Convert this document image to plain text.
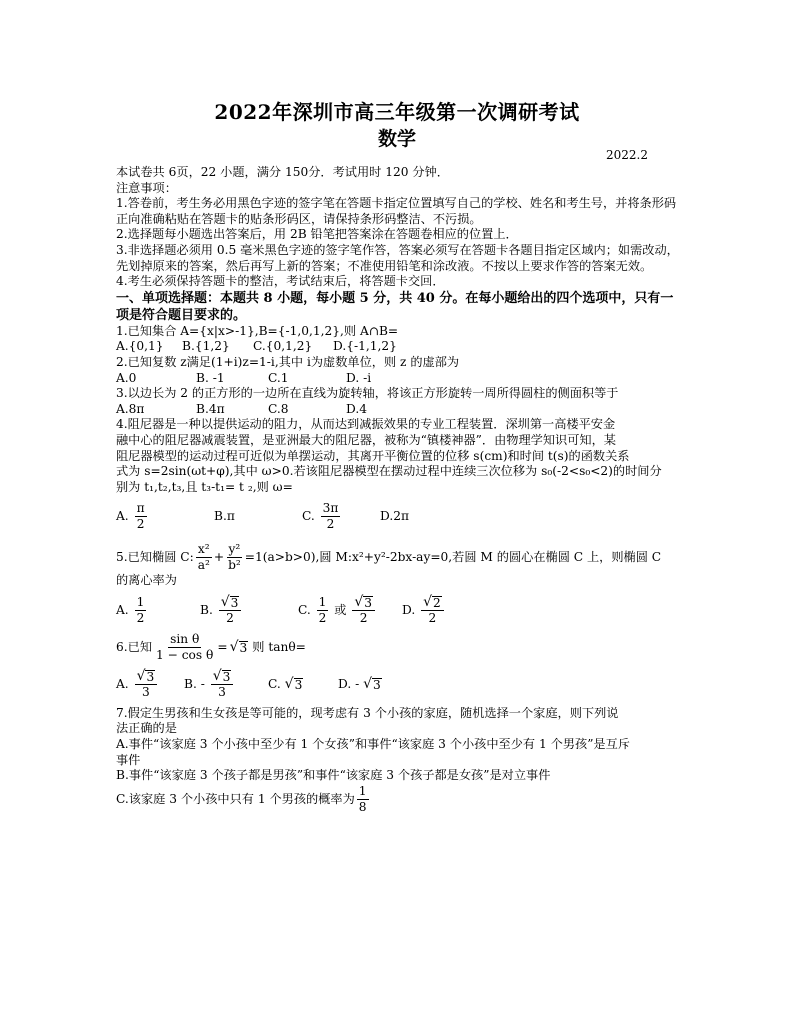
2022年深圳市高三年级第一次调研考试
数学
2022.2

本试卷共 6页，22 小题，满分 150分．考试用时 120 分钟．

注意事项：

1.答卷前，考生务必用黑色字迹的签字笔在答题卡指定位置填写自己的学校、姓名和考生号，并将条形码正向准确粘贴在答题卡的贴条形码区，请保持条形码整洁、不污损。

2.选择题每小题选出答案后，用 2B 铅笔把答案涂在答题卷相应的位置上．

3.非选择题必须用 0.5 毫米黑色字迹的签字笔作答，答案必须写在答题卡各题目指定区域内；如需改动，先划掉原来的答案，然后再写上新的答案；不准使用铅笔和涂改液。不按以上要求作答的答案无效。

4.考生必须保持答题卡的整洁，考试结束后，将答题卡交回．

一、单项选择题：本题共 8 小题，每小题 5 分，共 40 分。在每小题给出的四个选项中，只有一项是符合题目要求的。

1.已知集合 A={x|x>-1},B={-1,0,1,2},则 A∩B=

A.{0,1}	B.{1,2}	C.{0,1,2}	D.{-1,1,2}

2.已知复数 z满足(1+i)z=1-i,其中 i为虚数单位，则 z 的虚部为

A.0	B. -1	C.1	D. -i

3.以边长为 2 的正方形的一边所在直线为旋转轴，将该正方形旋转一周所得圆柱的侧面积等于

A.8π	B.4π	C.8	D.4

4.阻尼器是一种以提供运动的阻力，从而达到减振效果的专业工程装置．深圳第一高楼平安金

融中心的阻尼器减震装置，是亚洲最大的阻尼器，被称为“镇楼神器”．由物理学知识可知，某

阻尼器模型的运动过程可近似为单摆运动，其离开平衡位置的位移 s(cm)和时间 t(s)的函数关系

式为 s=2sin(ωt+φ),其中 ω>0.若该阻尼器模型在摆动过程中连续三次位移为 s₀(-2<s₀<2)的时间分

别为 t₁,t₂,t₃,且 t₃-t₁= t ₂,则 ω=

A. $\frac{\pi}{2}$	B.π	C. $\frac{3\pi}{2}$	D.2π
5.已知椭圆 C: $\frac{\text{x²}}{\text{a²}} + \frac{\text{y²}}{\text{b²}} =1(a>b>0)$,圆 M:x²+y²-2bx-ay=0,若圆 M 的圆心在椭圆 C 上，则椭圆 C

的离心率为

A. $\frac{1}{2}$	B. $\frac{√ 3}{2}$	C. $\frac{1}{2}$ 或 $\frac{√ 3}{2} D$. $\frac{√ 2}{2}$
6.已知 $\frac{\text{sin θ}}{\text{1 − cos θ}}$ = √ 3 则 tanθ=
A. $\frac{√ 3}{3} B$. - $\frac{√ 3}{3}$	C. √ 3	D. - √ 3

7.假定生男孩和生女孩是等可能的，现考虑有 3 个小孩的家庭，随机选择一个家庭，则下列说

法正确的是

A.事件“该家庭 3 个小孩中至少有 1 个女孩”和事件“该家庭 3 个小孩中至少有 1 个男孩”是互斥

事件

B.事件“该家庭 3 个孩子都是男孩”和事件“该家庭 3 个孩子都是女孩”是对立事件

C.该家庭 3 个小孩中只有 1 个男孩的概率为 $\frac{1}{8}$
